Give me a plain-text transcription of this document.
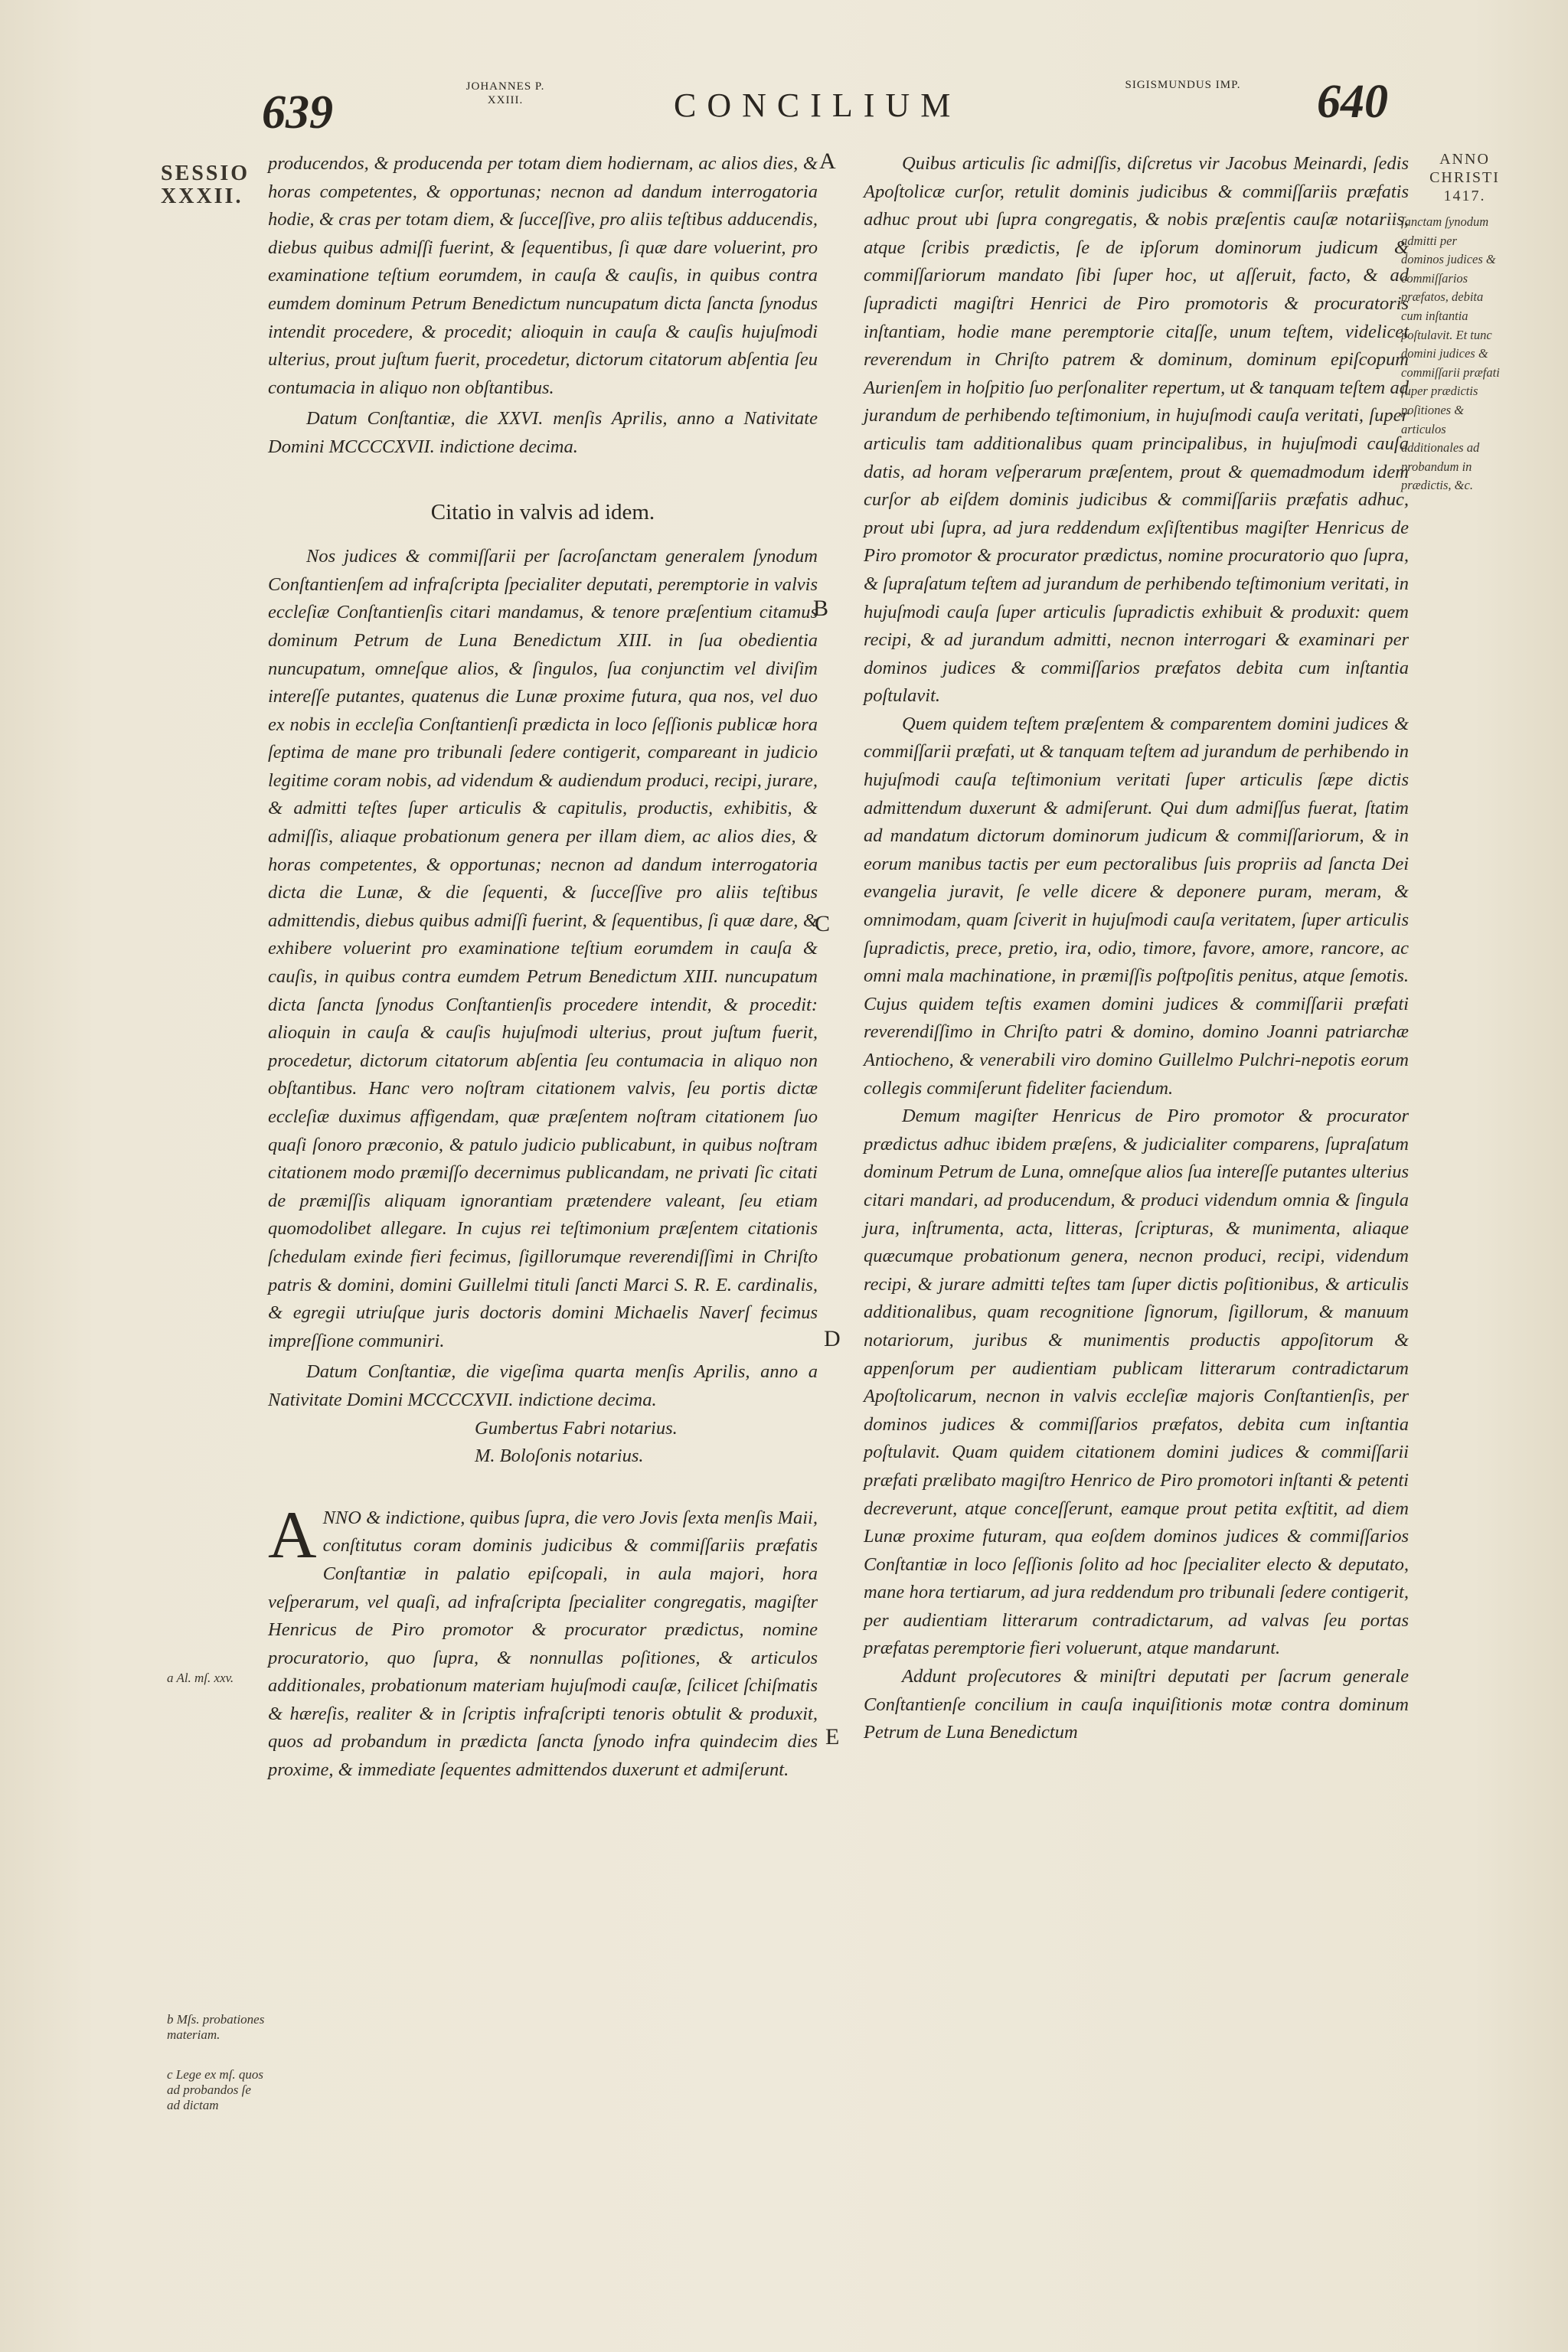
639	JOHANNES P. XXIII.	CONCILIUM
SIGISMUNDUS IMP. 640
SESSIO XXXII.
a Al. mſ. xxv.
b Mſs. probationes materiam.
c Lege ex mſ. quos ad probandos ſe ad dictam
ANNO CHRISTI 1417.
ſanctam ſynodum admitti per dominos judices & commiſſarios præfatos, debita cum inſtantia poſtulavit. Et tunc domini judices & commiſſarii præfati ſuper prædictis poſitiones & articulos additionales ad probandum in prædictis, &c.
A
B
C
D
E

producendos, & producenda per totam diem hodiernam, ac alios dies, & horas competentes, & opportunas; necnon ad dandum interrogatoria hodie, & cras per totam diem, & ſucceſſive, pro aliis teſtibus adducendis, diebus quibus admiſſi fuerint, & ſequentibus, ſi quæ dare voluerint, pro examinatione teſtium eorumdem, in cauſa & cauſis, in quibus contra eumdem dominum Petrum Benedictum nuncupatum dicta ſancta ſynodus intendit procedere, & procedit; alioquin in cauſa & cauſis hujuſmodi ulterius, prout juſtum fuerit, procedetur, dictorum citatorum abſentia ſeu contumacia in aliquo non obſtantibus.

Datum Conſtantiæ, die XXVI. menſis Aprilis, anno a Nativitate Domini MCCCCXVII. indictione decima.

Citatio in valvis ad idem.

Nos judices & commiſſarii per ſacroſanctam generalem ſynodum Conſtantienſem ad infraſcripta ſpecialiter deputati, peremptorie in valvis eccleſiæ Conſtantienſis citari mandamus, & tenore præſentium citamus dominum Petrum de Luna Benedictum XIII. in ſua obedientia nuncupatum, omneſque alios, & ſingulos, ſua conjunctim vel diviſim intereſſe putantes, quatenus die Lunæ proxime futura, qua nos, vel duo ex nobis in eccleſia Conſtantienſi prædicta in loco ſeſſionis publicæ hora ſeptima de mane pro tribunali ſedere contigerit, compareant in judicio legitime coram nobis, ad videndum & audiendum produci, recipi, jurare, & admitti teſtes ſuper articulis & capitulis, productis, exhibitis, & admiſſis, aliaque probationum genera per illam diem, ac alios dies, & horas competentes, & opportunas; necnon ad dandum interrogatoria dicta die Lunæ, & die ſequenti, & ſucceſſive pro aliis teſtibus admittendis, diebus quibus admiſſi fuerint, & ſequentibus, ſi quæ dare, & exhibere voluerint pro examinatione teſtium eorumdem in cauſa & cauſis, in quibus contra eumdem Petrum Benedictum XIII. nuncupatum dicta ſancta ſynodus Conſtantienſis procedere intendit, & procedit: alioquin in cauſa & cauſis hujuſmodi ulterius, prout juſtum fuerit, procedetur, dictorum citatorum abſentia ſeu contumacia in aliquo non obſtantibus. Hanc vero noſtram citationem valvis, ſeu portis dictæ eccleſiæ duximus affigendam, quæ præſentem noſtram citationem ſuo quaſi ſonoro præconio, & patulo judicio publicabunt, in quibus noſtram citationem modo præmiſſo decernimus publicandam, ne privati ſic citati de præmiſſis aliquam ignorantiam prætendere valeant, ſeu etiam quomodolibet allegare. In cujus rei teſtimonium præſentem citationis ſchedulam exinde fieri fecimus, ſigillorumque reverendiſſimi in Chriſto patris & domini, domini Guillelmi tituli ſancti Marci S. R. E. cardinalis, & egregii utriuſque juris doctoris domini Michaelis Naverſ fecimus impreſſione communiri.

Datum Conſtantiæ, die vigeſima quarta menſis Aprilis, anno a Nativitate Domini MCCCCXVII. indictione decima.

Gumbertus Fabri notarius.

M. Boloſonis notarius.

ANNO & indictione, quibus ſupra, die vero Jovis ſexta menſis Maii, conſtitutus coram dominis judicibus & commiſſariis præfatis Conſtantiæ in palatio epiſcopali, in aula majori, hora veſperarum, vel quaſi, ad infraſcripta ſpecialiter congregatis, magiſter Henricus de Piro promotor & procurator prædictus, nomine procuratorio, quo ſupra, & nonnullas poſitiones, & articulos additionales, probationum materiam hujuſmodi cauſæ, ſcilicet ſchiſmatis & hæreſis, realiter & in ſcriptis infraſcripti tenoris obtulit & produxit, quos ad probandum in prædicta ſancta ſynodo infra quindecim dies proxime, & immediate ſequentes admittendos duxerunt et admiſerunt.

Quibus articulis ſic admiſſis, diſcretus vir Jacobus Meinardi, ſedis Apoſtolicæ curſor, retulit dominis judicibus & commiſſariis præfatis adhuc prout ubi ſupra congregatis, & nobis præſentis cauſæ notariis, atque ſcribis prædictis, ſe de ipſorum dominorum judicum & commiſſariorum mandato ſibi ſuper hoc, ut aſſeruit, facto, & ad ſupradicti magiſtri Henrici de Piro promotoris & procuratoris inſtantiam, hodie mane peremptorie citaſſe, unum teſtem, videlicet reverendum in Chriſto patrem & dominum, dominum epiſcopum Aurienſem in hoſpitio ſuo perſonaliter repertum, ut & tanquam teſtem ad jurandum de perhibendo teſtimonium, in hujuſmodi cauſa veritati, ſuper articulis tam additionalibus quam principalibus, in hujuſmodi cauſa datis, ad horam veſperarum præſentem, prout & quemadmodum idem curſor ab eiſdem dominis judicibus & commiſſariis præfatis adhuc, prout ubi ſupra, ad jura reddendum exſiſtentibus magiſter Henricus de Piro promotor & procurator prædictus, nomine procuratorio quo ſupra, & ſupraſatum teſtem ad jurandum de perhibendo teſtimonium veritati, in hujuſmodi cauſa ſuper articulis ſupradictis exhibuit & produxit: quem recipi, & ad jurandum admitti, necnon interrogari & examinari per dominos judices & commiſſarios præfatos debita cum inſtantia poſtulavit.

Quem quidem teſtem præſentem & comparentem domini judices & commiſſarii præfati, ut & tanquam teſtem ad jurandum de perhibendo in hujuſmodi cauſa teſtimonium veritati ſuper articulis ſæpe dictis admittendum duxerunt & admiſerunt. Qui dum admiſſus fuerat, ſtatim ad mandatum dictorum dominorum judicum & commiſſariorum, & in eorum manibus tactis per eum pectoralibus ſuis propriis ad ſancta Dei evangelia juravit, ſe velle dicere & deponere puram, meram, & omnimodam, quam ſciverit in hujuſmodi cauſa veritatem, ſuper articulis ſupradictis, prece, pretio, ira, odio, timore, favore, amore, rancore, ac omni mala machinatione, in præmiſſis poſtpoſitis penitus, atque ſemotis. Cujus quidem teſtis examen domini judices & commiſſarii præfati reverendiſſimo in Chriſto patri & domino, domino Joanni patriarchæ Antiocheno, & venerabili viro domino Guillelmo Pulchri-nepotis eorum collegis commiſerunt fideliter faciendum.

Demum magiſter Henricus de Piro promotor & procurator prædictus adhuc ibidem præſens, & judicialiter comparens, ſupraſatum dominum Petrum de Luna, omneſque alios ſua intereſſe putantes ulterius citari mandari, ad producendum, & produci videndum omnia & ſingula jura, inſtrumenta, acta, litteras, ſcripturas, & munimenta, aliaque quæcumque probationum genera, necnon produci, recipi, videndum recipi, & jurare admitti teſtes tam ſuper dictis poſitionibus, & articulis additionalibus, quam recognitione ſignorum, ſigillorum, & manuum notariorum, juribus & munimentis productis appoſitorum & appenſorum per audientiam publicam litterarum contradictarum Apoſtolicarum, necnon in valvis eccleſiæ majoris Conſtantienſis, per dominos judices & commiſſarios præfatos, debita cum inſtantia poſtulavit. Quam quidem citationem domini judices & commiſſarii præfati prælibato magiſtro Henrico de Piro promotori inſtanti & petenti decreverunt, atque conceſſerunt, eamque prout petita exſtitit, ad diem Lunæ proxime futuram, qua eoſdem dominos judices & commiſſarios Conſtantiæ in loco ſeſſionis ſolito ad hoc ſpecialiter electo & deputato, mane hora tertiarum, ad jura reddendum pro tribunali ſedere contigerit, per audientiam litterarum contradictarum, ad valvas ſeu portas præfatas peremptorie fieri voluerunt, atque mandarunt.

Addunt proſecutores & miniſtri deputati per ſacrum generale Conſtantienſe concilium in cauſa inquiſitionis motæ contra dominum Petrum de Luna Benedictum
